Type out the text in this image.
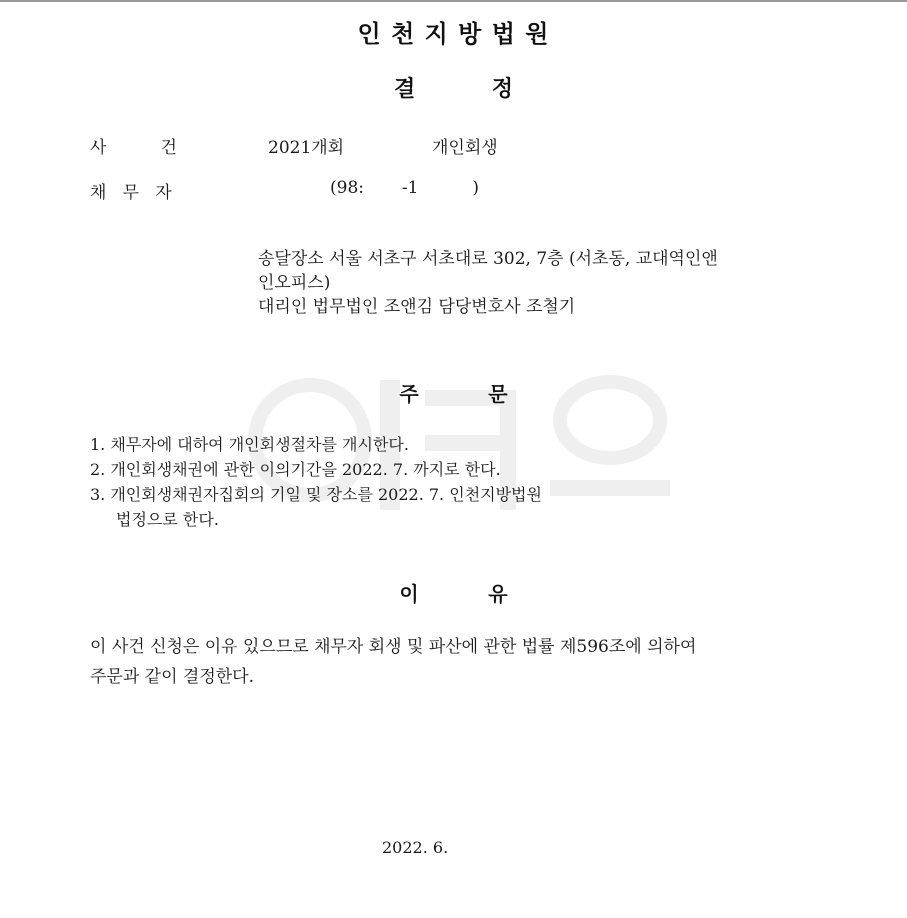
인 천 지 방 법 원
결          정
사          건	2021개회	개인회생
채   무   자	(98:       -1          )
송달장소 서울 서초구 서초대로 302, 7층 (서초동, 교대역인앤
인오피스)
대리인 법무법인 조앤김 담당변호사 조철기
주          문
1. 채무자에 대하여 개인회생절차를 개시한다.
2. 개인회생채권에 관한 이의기간을 2022. 7. 까지로 한다.
3. 개인회생채권자집회의 기일 및 장소를 2022. 7. 인천지방법원
법정으로 한다.
이          유
이 사건 신청은 이유 있으므로 채무자 회생 및 파산에 관한 법률 제596조에 의하여
주문과 같이 결정한다.
2022. 6.
